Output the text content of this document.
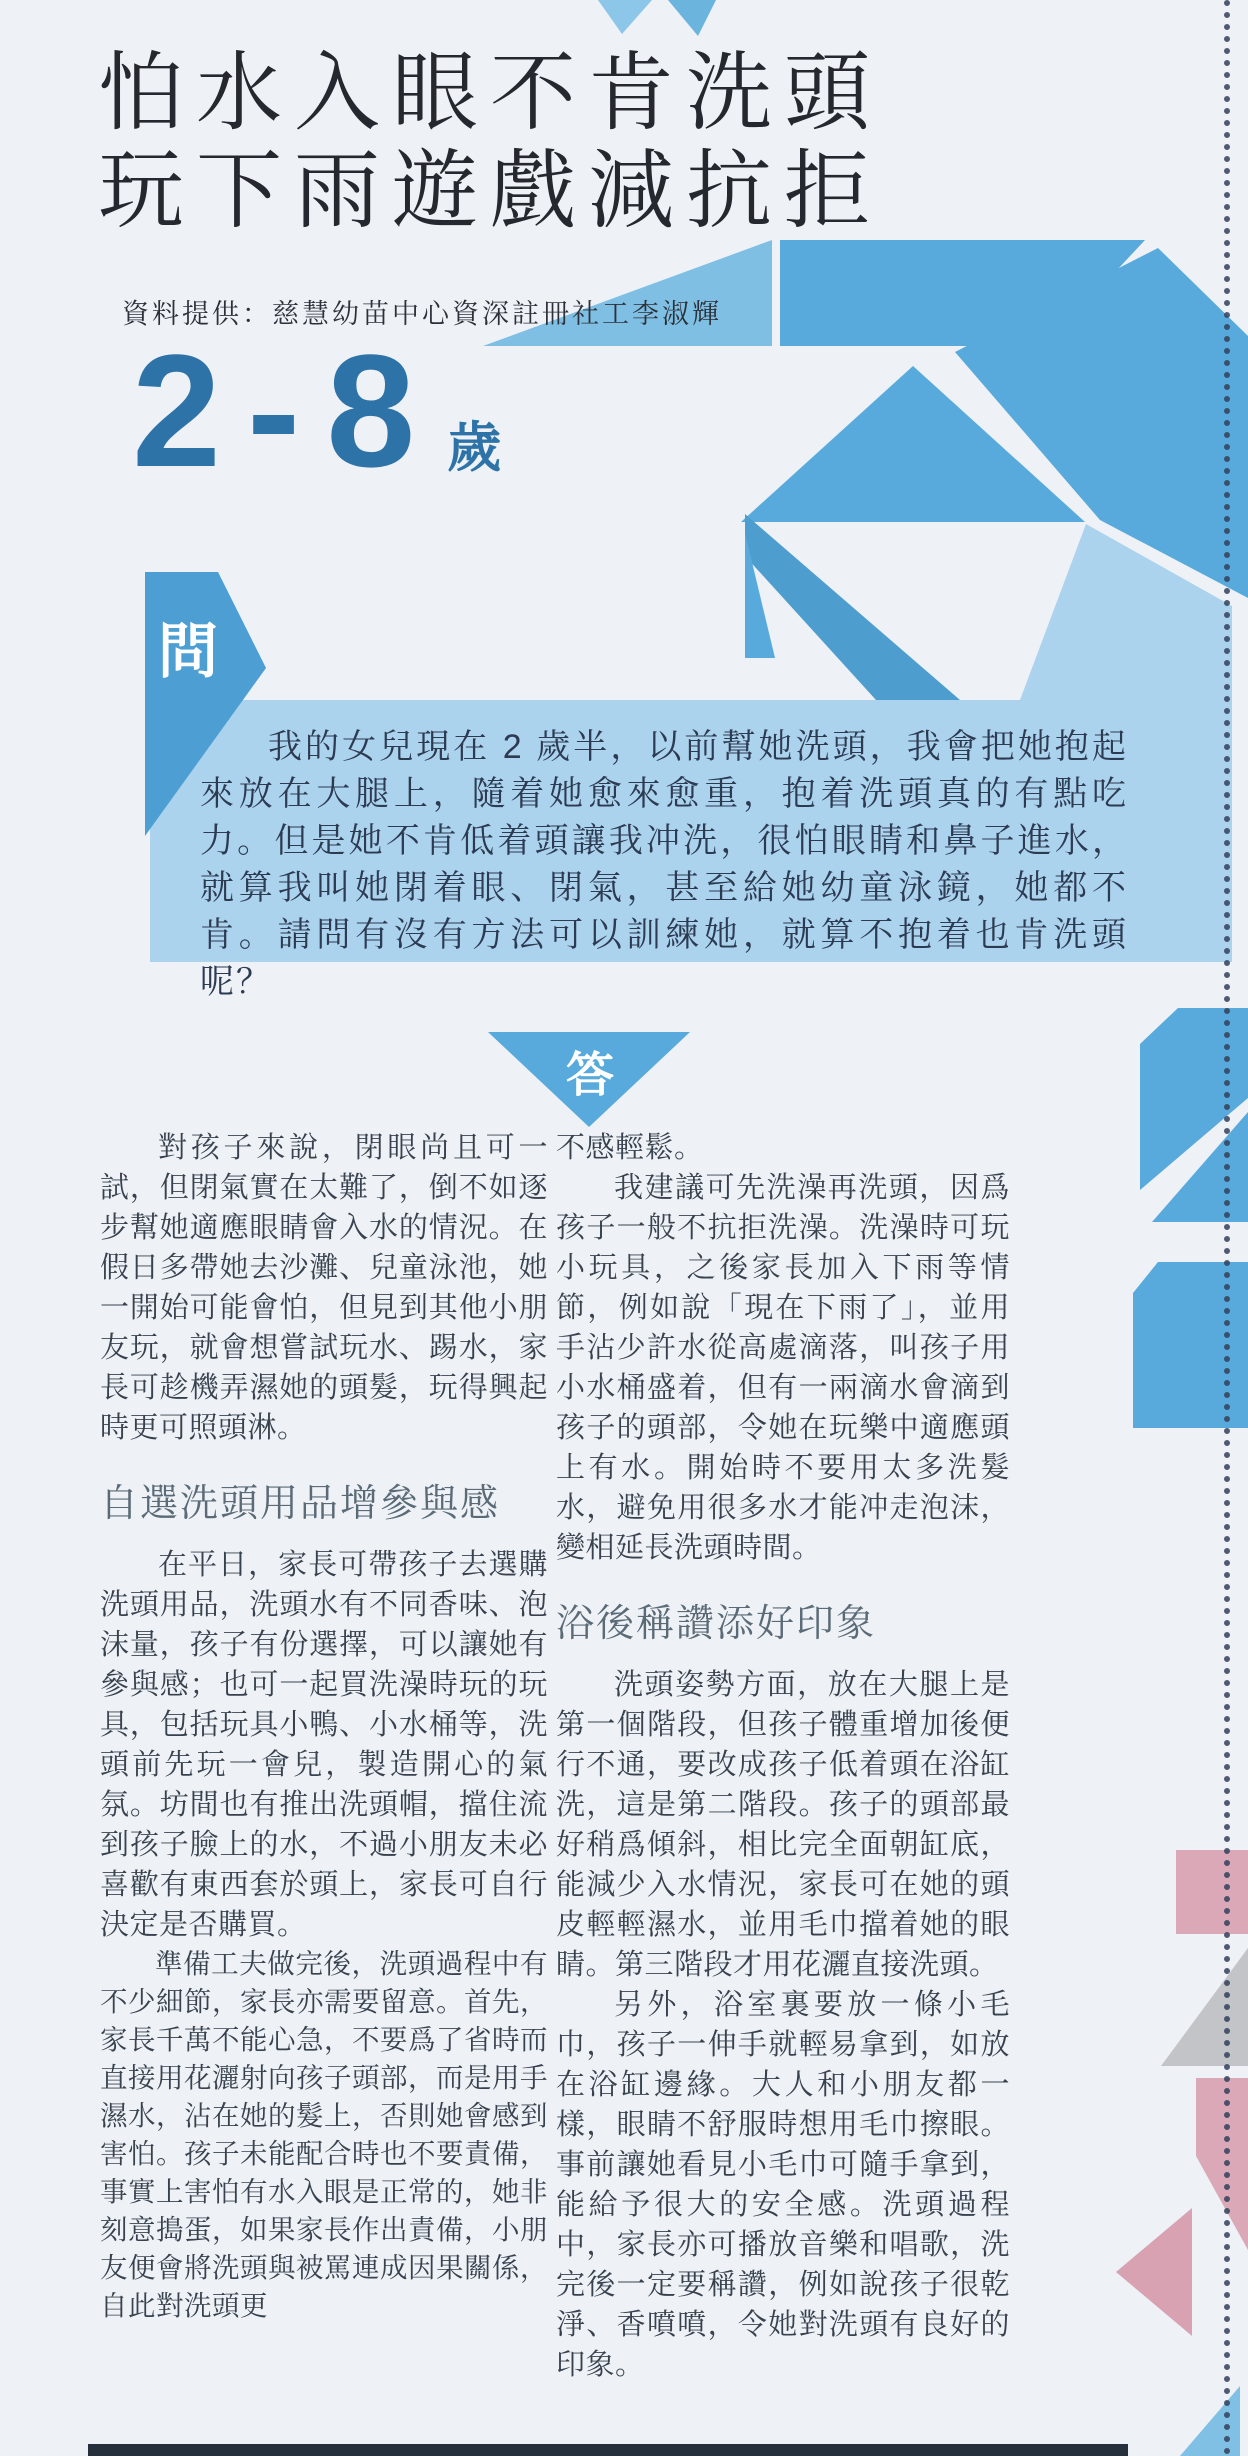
怕水入眼不肯洗頭
玩下雨遊戲減抗拒
資料提供：慈慧幼苗中心資深註冊社工李淑輝
2-8 歲
問
我的女兒現在 2 歲半，以前幫她洗頭，我會把她抱起來放在大腿上，隨着她愈來愈重，抱着洗頭真的有點吃力。但是她不肯低着頭讓我冲洗，很怕眼睛和鼻子進水，就算我叫她閉着眼、閉氣，甚至給她幼童泳鏡，她都不肯。請問有沒有方法可以訓練她，就算不抱着也肯洗頭呢？
答

對孩子來說，閉眼尚且可一試，但閉氣實在太難了，倒不如逐步幫她適應眼睛會入水的情況。在假日多帶她去沙灘、兒童泳池，她一開始可能會怕，但見到其他小朋友玩，就會想嘗試玩水、踢水，家長可趁機弄濕她的頭髮，玩得興起時更可照頭淋。

自選洗頭用品增參與感

在平日，家長可帶孩子去選購洗頭用品，洗頭水有不同香味、泡沫量，孩子有份選擇，可以讓她有參與感；也可一起買洗澡時玩的玩具，包括玩具小鴨、小水桶等，洗頭前先玩一會兒，製造開心的氣氛。坊間也有推出洗頭帽，擋住流到孩子臉上的水，不過小朋友未必喜歡有東西套於頭上，家長可自行決定是否購買。

準備工夫做完後，洗頭過程中有不少細節，家長亦需要留意。首先，家長千萬不能心急，不要爲了省時而直接用花灑射向孩子頭部，而是用手濕水，沾在她的髮上，否則她會感到害怕。孩子未能配合時也不要責備，事實上害怕有水入眼是正常的，她非刻意搗蛋，如果家長作出責備，小朋友便會將洗頭與被罵連成因果關係，自此對洗頭更

不感輕鬆。

我建議可先洗澡再洗頭，因爲孩子一般不抗拒洗澡。洗澡時可玩小玩具，之後家長加入下雨等情節，例如說「現在下雨了」，並用手沾少許水從高處滴落，叫孩子用小水桶盛着，但有一兩滴水會滴到孩子的頭部，令她在玩樂中適應頭上有水。開始時不要用太多洗髮水，避免用很多水才能冲走泡沫，變相延長洗頭時間。

浴後稱讚添好印象

洗頭姿勢方面，放在大腿上是第一個階段，但孩子體重增加後便行不通，要改成孩子低着頭在浴缸洗，這是第二階段。孩子的頭部最好稍爲傾斜，相比完全面朝缸底，能減少入水情況，家長可在她的頭皮輕輕濕水，並用毛巾擋着她的眼睛。第三階段才用花灑直接洗頭。

另外，浴室裏要放一條小毛巾，孩子一伸手就輕易拿到，如放在浴缸邊緣。大人和小朋友都一樣，眼睛不舒服時想用毛巾擦眼。事前讓她看見小毛巾可隨手拿到，能給予很大的安全感。洗頭過程中，家長亦可播放音樂和唱歌，洗完後一定要稱讚，例如說孩子很乾淨、香噴噴，令她對洗頭有良好的印象。
